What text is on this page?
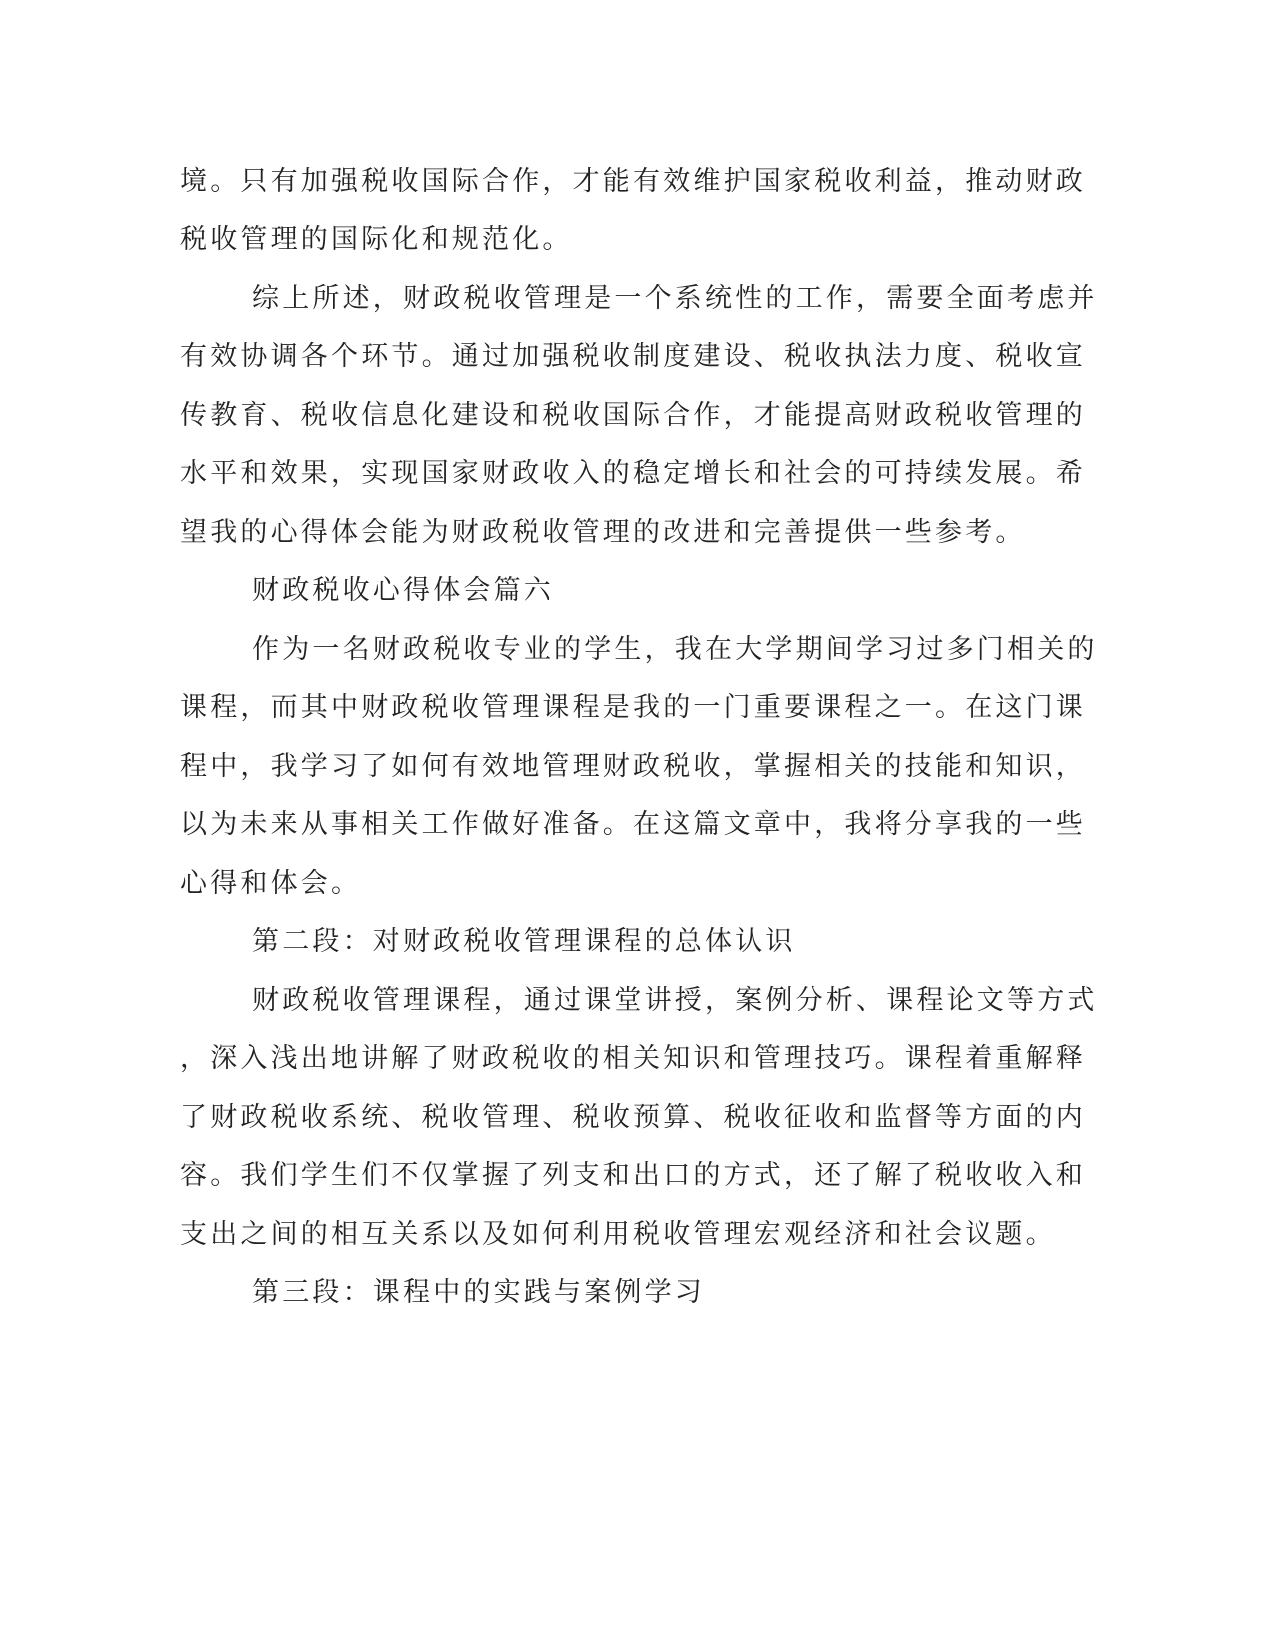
境。只有加强税收国际合作，才能有效维护国家税收利益，推动财政
税收管理的国际化和规范化。
综上所述，财政税收管理是一个系统性的工作，需要全面考虑并
有效协调各个环节。通过加强税收制度建设、税收执法力度、税收宣
传教育、税收信息化建设和税收国际合作，才能提高财政税收管理的
水平和效果，实现国家财政收入的稳定增长和社会的可持续发展。希
望我的心得体会能为财政税收管理的改进和完善提供一些参考。
财政税收心得体会篇六
作为一名财政税收专业的学生，我在大学期间学习过多门相关的
课程，而其中财政税收管理课程是我的一门重要课程之一。在这门课
程中，我学习了如何有效地管理财政税收，掌握相关的技能和知识，
以为未来从事相关工作做好准备。在这篇文章中，我将分享我的一些
心得和体会。
第二段：对财政税收管理课程的总体认识
财政税收管理课程，通过课堂讲授，案例分析、课程论文等方式
，深入浅出地讲解了财政税收的相关知识和管理技巧。课程着重解释
了财政税收系统、税收管理、税收预算、税收征收和监督等方面的内
容。我们学生们不仅掌握了列支和出口的方式，还了解了税收收入和
支出之间的相互关系以及如何利用税收管理宏观经济和社会议题。
第三段：课程中的实践与案例学习
